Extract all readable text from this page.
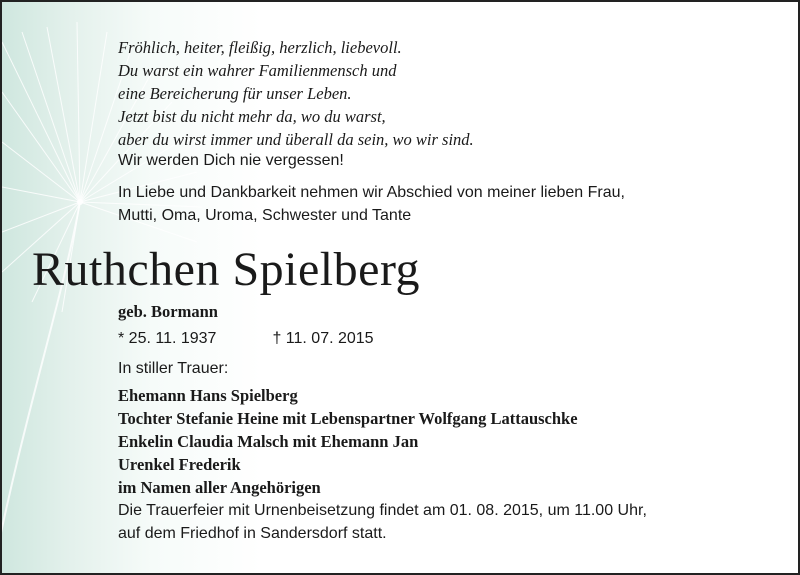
Fröhlich, heiter, fleißig, herzlich, liebevoll.
Du warst ein wahrer Familienmensch und
eine Bereicherung für unser Leben.
Jetzt bist du nicht mehr da, wo du warst,
aber du wirst immer und überall da sein, wo wir sind.
Wir werden Dich nie vergessen!
In Liebe und Dankbarkeit nehmen wir Abschied von meiner lieben Frau,
Mutti, Oma, Uroma, Schwester und Tante
Ruthchen Spielberg
geb. Bormann
* 25. 11. 1937	† 11. 07. 2015
In stiller Trauer:
Ehemann Hans Spielberg
Tochter Stefanie Heine mit Lebenspartner Wolfgang Lattauschke
Enkelin Claudia Malsch mit Ehemann Jan
Urenkel Frederik
im Namen aller Angehörigen
Die Trauerfeier mit Urnenbeisetzung findet am 01. 08. 2015, um 11.00 Uhr,
auf dem Friedhof in Sandersdorf statt.
